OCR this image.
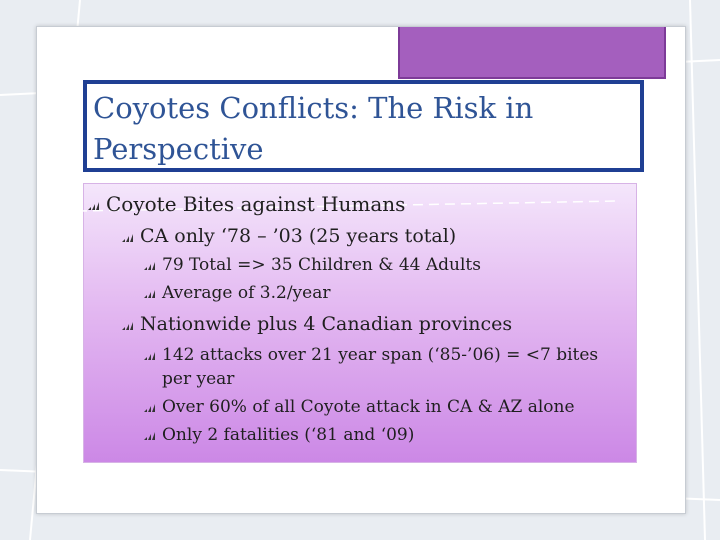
Coyotes Conflicts: The Risk in Perspective
Coyote Bites against Humans
CA only ‘78 – ’03 (25 years total)
79 Total => 35 Children & 44 Adults
Average of 3.2/year
Nationwide plus 4 Canadian provinces
142 attacks over 21 year span (‘85-’06) = <7 bites
per year
Over 60% of all Coyote attack in CA & AZ alone
Only 2 fatalities (‘81 and ‘09)
